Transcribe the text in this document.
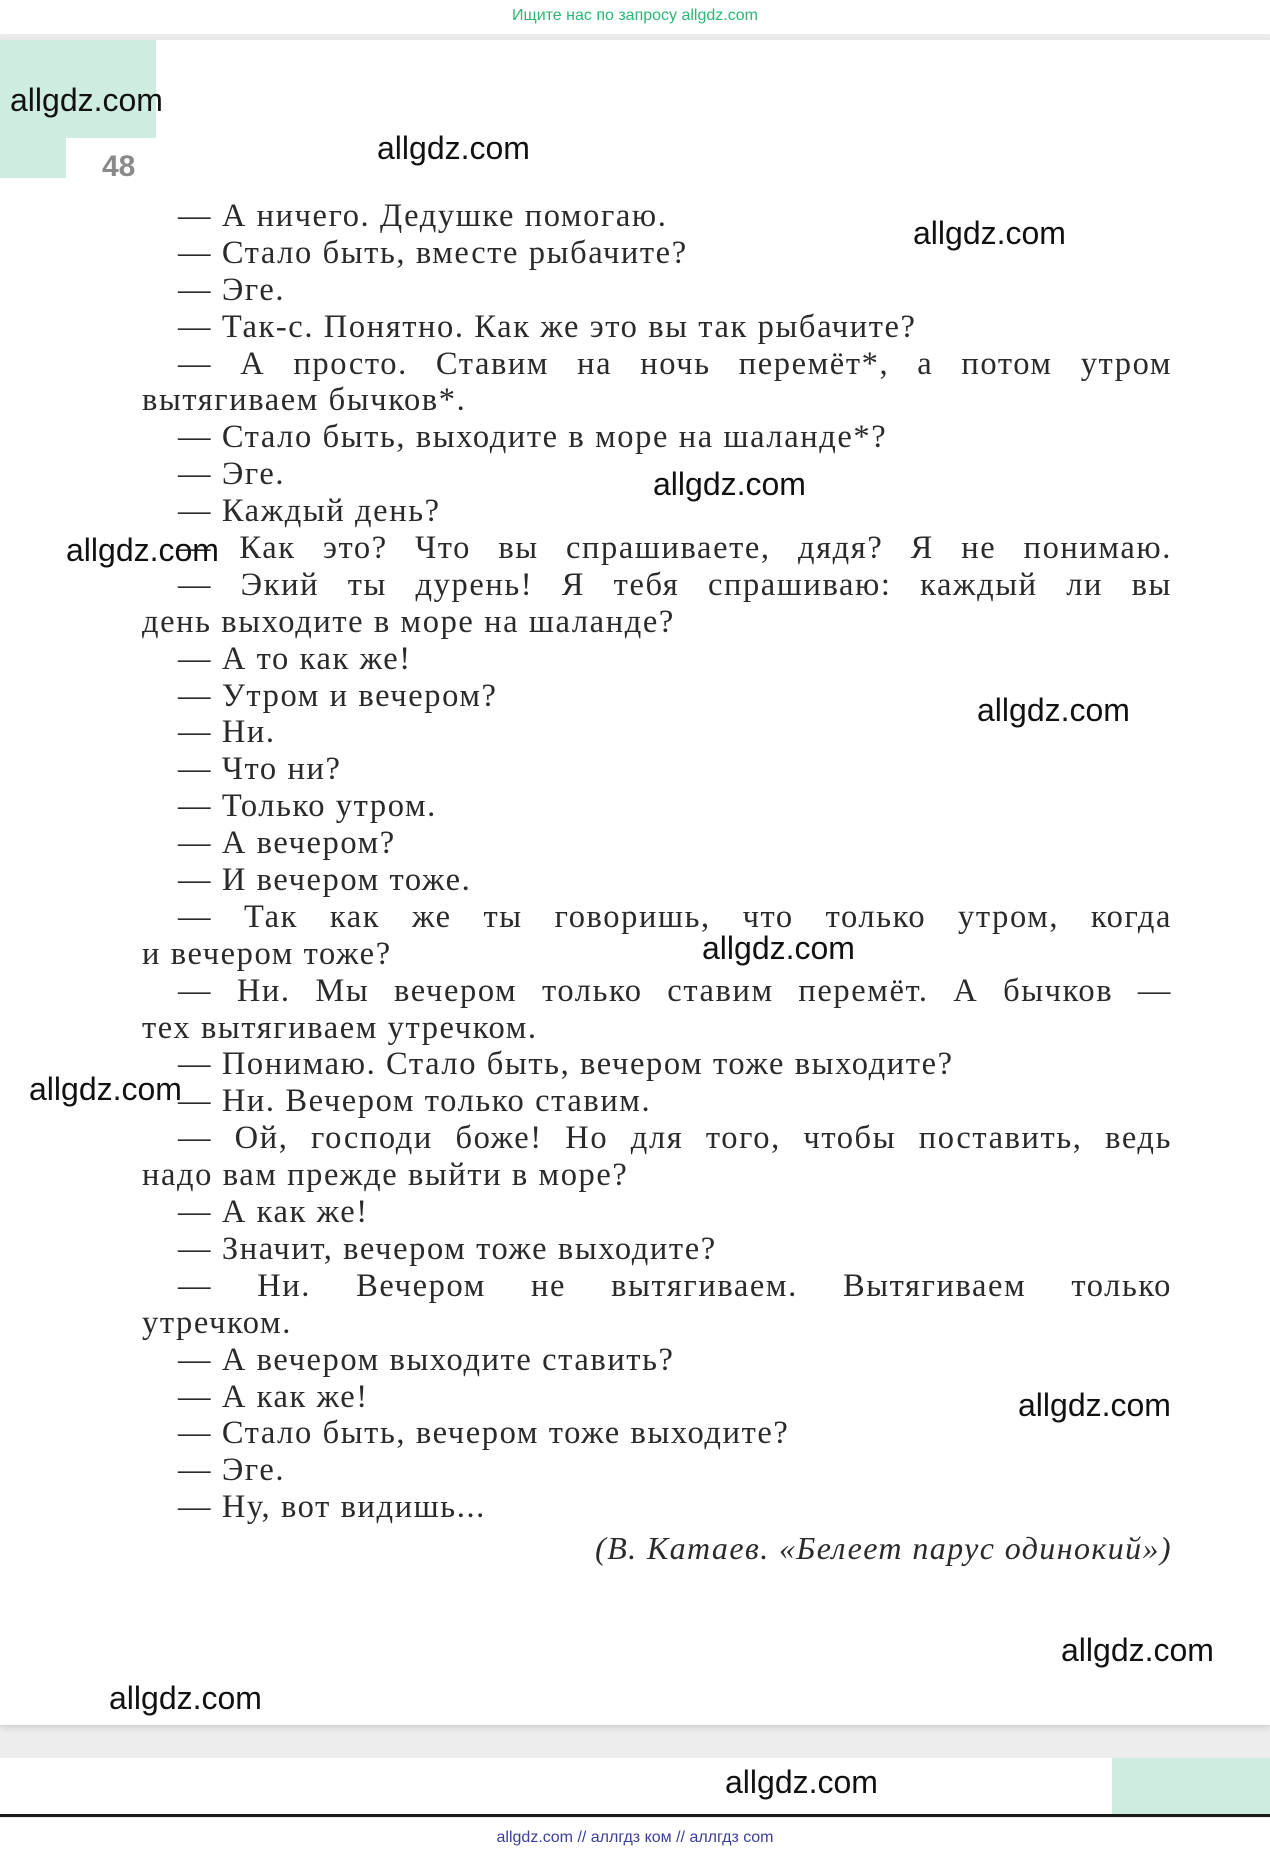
Ищите нас по запросу allgdz.com
48
— А ничего. Дедушке помогаю.
— Стало быть, вместе рыбачите?
— Эге.
— Так-с. Понятно. Как же это вы так рыбачите?
— А просто. Ставим на ночь перемёт*, а потом утром
вытягиваем бычков*.
— Стало быть, выходите в море на шаланде*?
— Эге.
— Каждый день?
— Как это? Что вы спрашиваете, дядя? Я не понимаю.
— Экий ты дурень! Я тебя спрашиваю: каждый ли вы
день выходите в море на шаланде?
— А то как же!
— Утром и вечером?
— Ни.
— Что ни?
— Только утром.
— А вечером?
— И вечером тоже.
— Так как же ты говоришь, что только утром, когда
и вечером тоже?
— Ни. Мы вечером только ставим перемёт. А бычков —
тех вытягиваем утречком.
— Понимаю. Стало быть, вечером тоже выходите?
— Ни. Вечером только ставим.
— Ой, господи боже! Но для того, чтобы поставить, ведь
надо вам прежде выйти в море?
— А как же!
— Значит, вечером тоже выходите?
— Ни. Вечером не вытягиваем. Вытягиваем только
утречком.
— А вечером выходите ставить?
— А как же!
— Стало быть, вечером тоже выходите?
— Эге.
— Ну, вот видишь...
(В. Катаев. «Белеет парус одинокий»)
allgdz.com
allgdz.com
allgdz.com
allgdz.com
allgdz.com
allgdz.com
allgdz.com
allgdz.com
allgdz.com
allgdz.com
allgdz.com
allgdz.com
allgdz.com // аллгдз ком // аллгдз com
